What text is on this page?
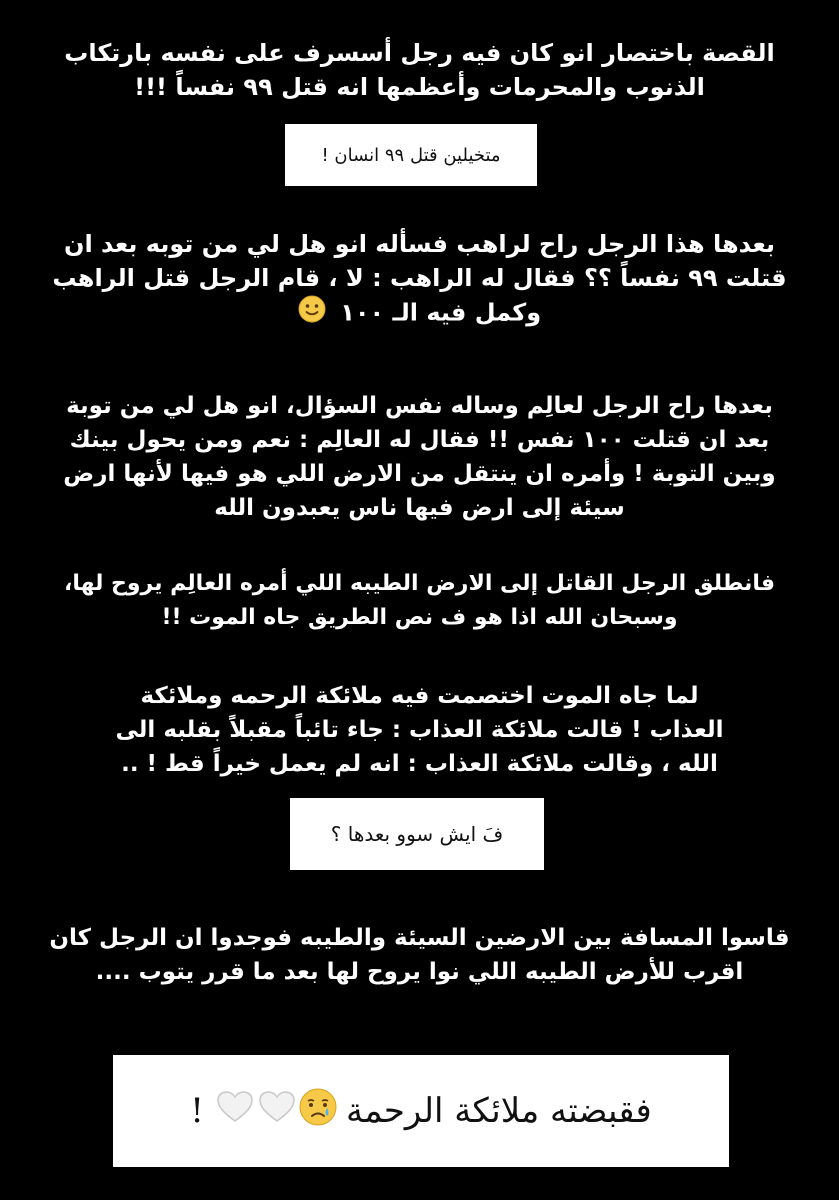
القصة باختصار انو كان فيه رجل أسسرف على نفسه بارتكاب
الذنوب والمحرمات وأعظمها انه قتل ٩٩ نفساً !!!
متخيلين قتل ٩٩ انسان !
بعدها هذا الرجل راح لراهب فسأله انو هل لي من توبه بعد ان
قتلت ٩٩ نفساً ؟؟ فقال له الراهب : لا ، قام الرجل قتل الراهب
وكمل فيه الـ ١٠٠
بعدها راح الرجل لعالِم وساله نفس السؤال، انو هل لي من توبة
بعد ان قتلت ١٠٠ نفس !! فقال له العالِم : نعم ومن يحول بينك
وبين التوبة ! وأمره ان ينتقل من الارض اللي هو فيها لأنها ارض
سيئة إلى ارض فيها ناس يعبدون الله
فانطلق الرجل القاتل إلى الارض الطيبه اللي أمره العالِم يروح لها،
وسبحان الله اذا هو ف نص الطريق جاه الموت !!
لما جاه الموت اختصمت فيه ملائكة الرحمه وملائكة
العذاب ! قالت ملائكة العذاب : جاء تائباً مقبلاً بقلبه الى
الله ، وقالت ملائكة العذاب : انه لم يعمل خيراً قط ! ..
فَ ايش سوو بعدها ؟
قاسوا المسافة بين الارضين السيئة والطيبه فوجدوا ان الرجل كان
اقرب للأرض الطيبه اللي نوا يروح لها بعد ما قرر يتوب ....
فقبضته ملائكة الرحمة
!
